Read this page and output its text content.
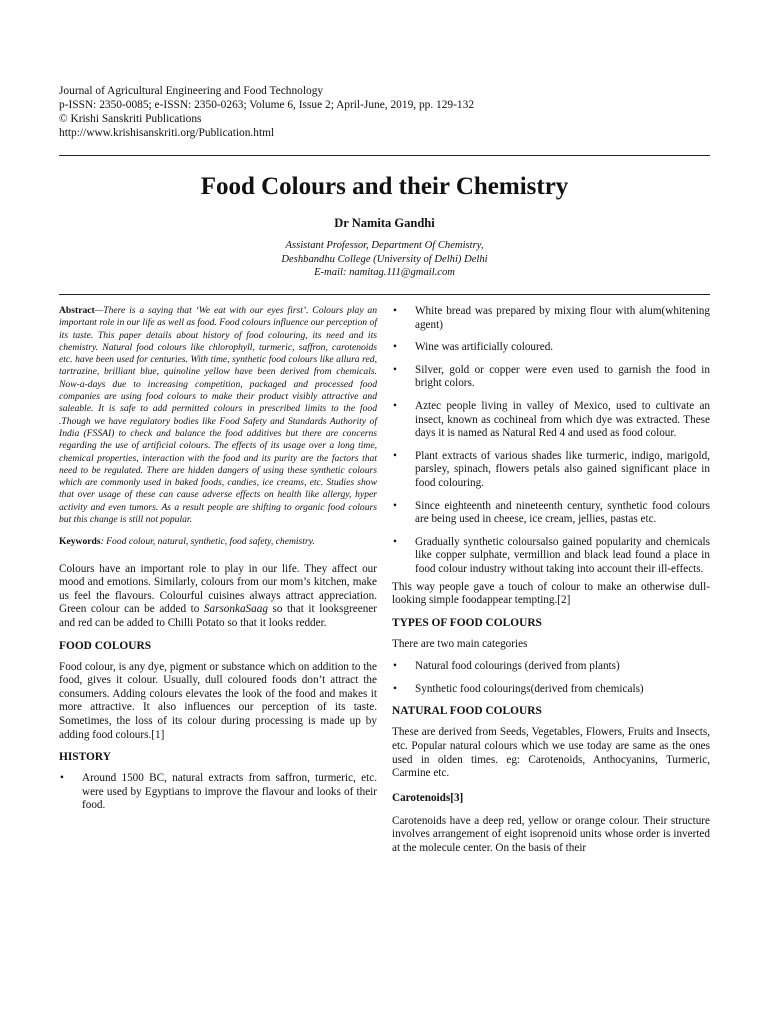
Journal of Agricultural Engineering and Food Technology
p-ISSN: 2350-0085; e-ISSN: 2350-0263; Volume 6, Issue 2; April-June, 2019, pp. 129-132
© Krishi Sanskriti Publications
http://www.krishisanskriti.org/Publication.html
Food Colours and their Chemistry
Dr Namita Gandhi
Assistant Professor, Department Of Chemistry,
Deshbandhu College (University of Delhi) Delhi
E-mail: namitag.111@gmail.com

Abstract—There is a saying that ‘We eat with our eyes first’. Colours play an important role in our life as well as food. Food colours influence our perception of its taste. This paper details about history of food colouring, its need and its chemistry. Natural food colours like chlorophyll, turmeric, saffron, carotenoids etc. have been used for centuries. With time, synthetic food colours like allura red, tartrazine, brilliant blue, quinoline yellow have been derived from chemicals. Now-a-days due to increasing competition, packaged and processed food companies are using food colours to make their product visibly attractive and saleable. It is safe to add permitted colours in prescribed limits to the food .Though we have regulatory bodies like Food Safety and Standards Authority of India (FSSAI) to check and balance the food additives but there are concerns regarding the use of artificial colours. The effects of its usage over a long time, chemical properties, interaction with the food and its purity are the factors that need to be regulated. There are hidden dangers of using these synthetic colours which are commonly used in baked foods, candies, ice creams, etc. Studies show that over usage of these can cause adverse effects on health like allergy, hyper activity and even tumors. As a result people are shifting to organic food colours but this change is still not popular.

Keywords: Food colour, natural, synthetic, food safety, chemistry.

Colours have an important role to play in our life. They affect our mood and emotions. Similarly, colours from our mom’s kitchen, make us feel the flavours. Colourful cuisines always attract appreciation. Green colour can be added to SarsonkaSaag so that it looksgreener and red can be added to Chilli Potato so that it looks redder.

FOOD COLOURS

Food colour, is any dye, pigment or substance which on addition to the food, gives it colour. Usually, dull coloured foods don’t attract the consumers. Adding colours elevates the look of the food and makes it more attractive. It also influences our perception of its taste. Sometimes, the loss of its colour during processing is made up by adding food colours.[1]

HISTORY
• Around 1500 BC, natural extracts from saffron, turmeric, etc. were used by Egyptians to improve the flavour and looks of their food.
• White bread was prepared by mixing flour with alum(whitening agent)
• Wine was artificially coloured.
• Silver, gold or copper were even used to garnish the food in bright colors.
• Aztec people living in valley of Mexico, used to cultivate an insect, known as cochineal from which dye was extracted. These days it is named as Natural Red 4 and used as food colour.
• Plant extracts of various shades like turmeric, indigo, marigold, parsley, spinach, flowers petals also gained significant place in food colouring.
• Since eighteenth and nineteenth century, synthetic food colours are being used in cheese, ice cream, jellies, pastas etc.
• Gradually synthetic coloursalso gained popularity and chemicals like copper sulphate, vermillion and black lead found a place in food colour industry without taking into account their ill-effects.

This way people gave a touch of colour to make an otherwise dull-looking simple foodappear tempting.[2]

TYPES OF FOOD COLOURS

There are two main categories

• Natural food colourings (derived from plants)
• Synthetic food colourings(derived from chemicals)
NATURAL FOOD COLOURS

These are derived from Seeds, Vegetables, Flowers, Fruits and Insects, etc. Popular natural colours which we use today are same as the ones used in olden times. eg: Carotenoids, Anthocyanins, Turmeric, Carmine etc.

Carotenoids[3]

Carotenoids have a deep red, yellow or orange colour. Their structure involves arrangement of eight isoprenoid units whose order is inverted at the molecule center. On the basis of their
